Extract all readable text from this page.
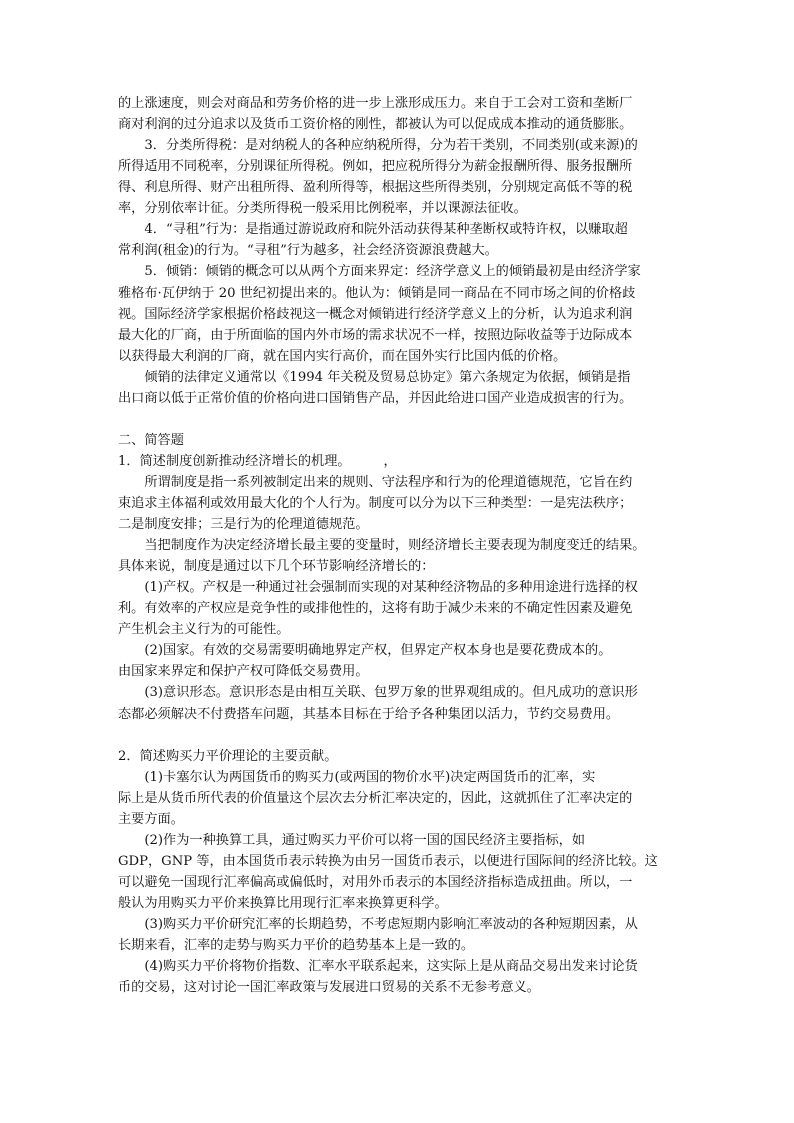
的上涨速度，则会对商品和劳务价格的进一步上涨形成压力。来自于工会对工资和垄断厂
商对利润的过分追求以及货币工资价格的刚性，都被认为可以促成成本推动的通货膨胀。
　　3．分类所得税：是对纳税人的各种应纳税所得，分为若干类别，不同类别(或来源)的
所得适用不同税率，分别课征所得税。例如，把应税所得分为薪金报酬所得、服务报酬所
得、利息所得、财产出租所得、盈利所得等，根据这些所得类别，分别规定高低不等的税
率，分别依率计征。分类所得税一般采用比例税率，并以课源法征收。
　　4．“寻租”行为：是指通过游说政府和院外活动获得某种垄断权或特许权，以赚取超
常利润(租金)的行为。“寻租”行为越多，社会经济资源浪费越大。
　　5．倾销：倾销的概念可以从两个方面来界定：经济学意义上的倾销最初是由经济学家
雅格布·瓦伊纳于 20 世纪初提出来的。他认为：倾销是同一商品在不同市场之间的价格歧
视。国际经济学家根据价格歧视这一概念对倾销进行经济学意义上的分析，认为追求利润
最大化的厂商，由于所面临的国内外市场的需求状况不一样，按照边际收益等于边际成本
以获得最大利润的厂商，就在国内实行高价，而在国外实行比国内低的价格。
　　倾销的法律定义通常以《1994 年关税及贸易总协定》第六条规定为依据，倾销是指
出口商以低于正常价值的价格向进口国销售产品，并因此给进口国产业造成损害的行为。
二、简答题
1．简述制度创新推动经济增长的机理。　　　，
　　所谓制度是指一系列被制定出来的规则、守法程序和行为的伦理道德规范，它旨在约
束追求主体福利或效用最大化的个人行为。制度可以分为以下三种类型：一是宪法秩序；
二是制度安排；三是行为的伦理道德规范。
　　当把制度作为决定经济增长最主要的变量时，则经济增长主要表现为制度变迁的结果。
具体来说，制度是通过以下几个环节影响经济增长的：
　　(1)产权。产权是一种通过社会强制而实现的对某种经济物品的多种用途进行选择的权
利。有效率的产权应是竞争性的或排他性的，这将有助于减少未来的不确定性因素及避免
产生机会主义行为的可能性。
　　(2)国家。有效的交易需要明确地界定产权，但界定产权本身也是要花费成本的。
由国家来界定和保护产权可降低交易费用。
　　(3)意识形态。意识形态是由相互关联、包罗万象的世界观组成的。但凡成功的意识形
态都必须解决不付费搭车问题，其基本目标在于给予各种集团以活力，节约交易费用。
2．简述购买力平价理论的主要贡献。
　　(1)卡塞尔认为两国货币的购买力(或两国的物价水平)决定两国货币的汇率，实
际上是从货币所代表的价值量这个层次去分析汇率决定的，因此，这就抓住了汇率决定的
主要方面。
　　(2)作为一种换算工具，通过购买力平价可以将一国的国民经济主要指标，如
GDP，GNP 等，由本国货币表示转换为由另一国货币表示，以便进行国际间的经济比较。这
可以避免一国现行汇率偏高或偏低时，对用外币表示的本国经济指标造成扭曲。所以，一
般认为用购买力平价来换算比用现行汇率来换算更科学。
　　(3)购买力平价研究汇率的长期趋势，不考虑短期内影响汇率波动的各种短期因素，从
长期来看，汇率的走势与购买力平价的趋势基本上是一致的。
　　(4)购买力平价将物价指数、汇率水平联系起来，这实际上是从商品交易出发来讨论货
币的交易，这对讨论一国汇率政策与发展进口贸易的关系不无参考意义。
